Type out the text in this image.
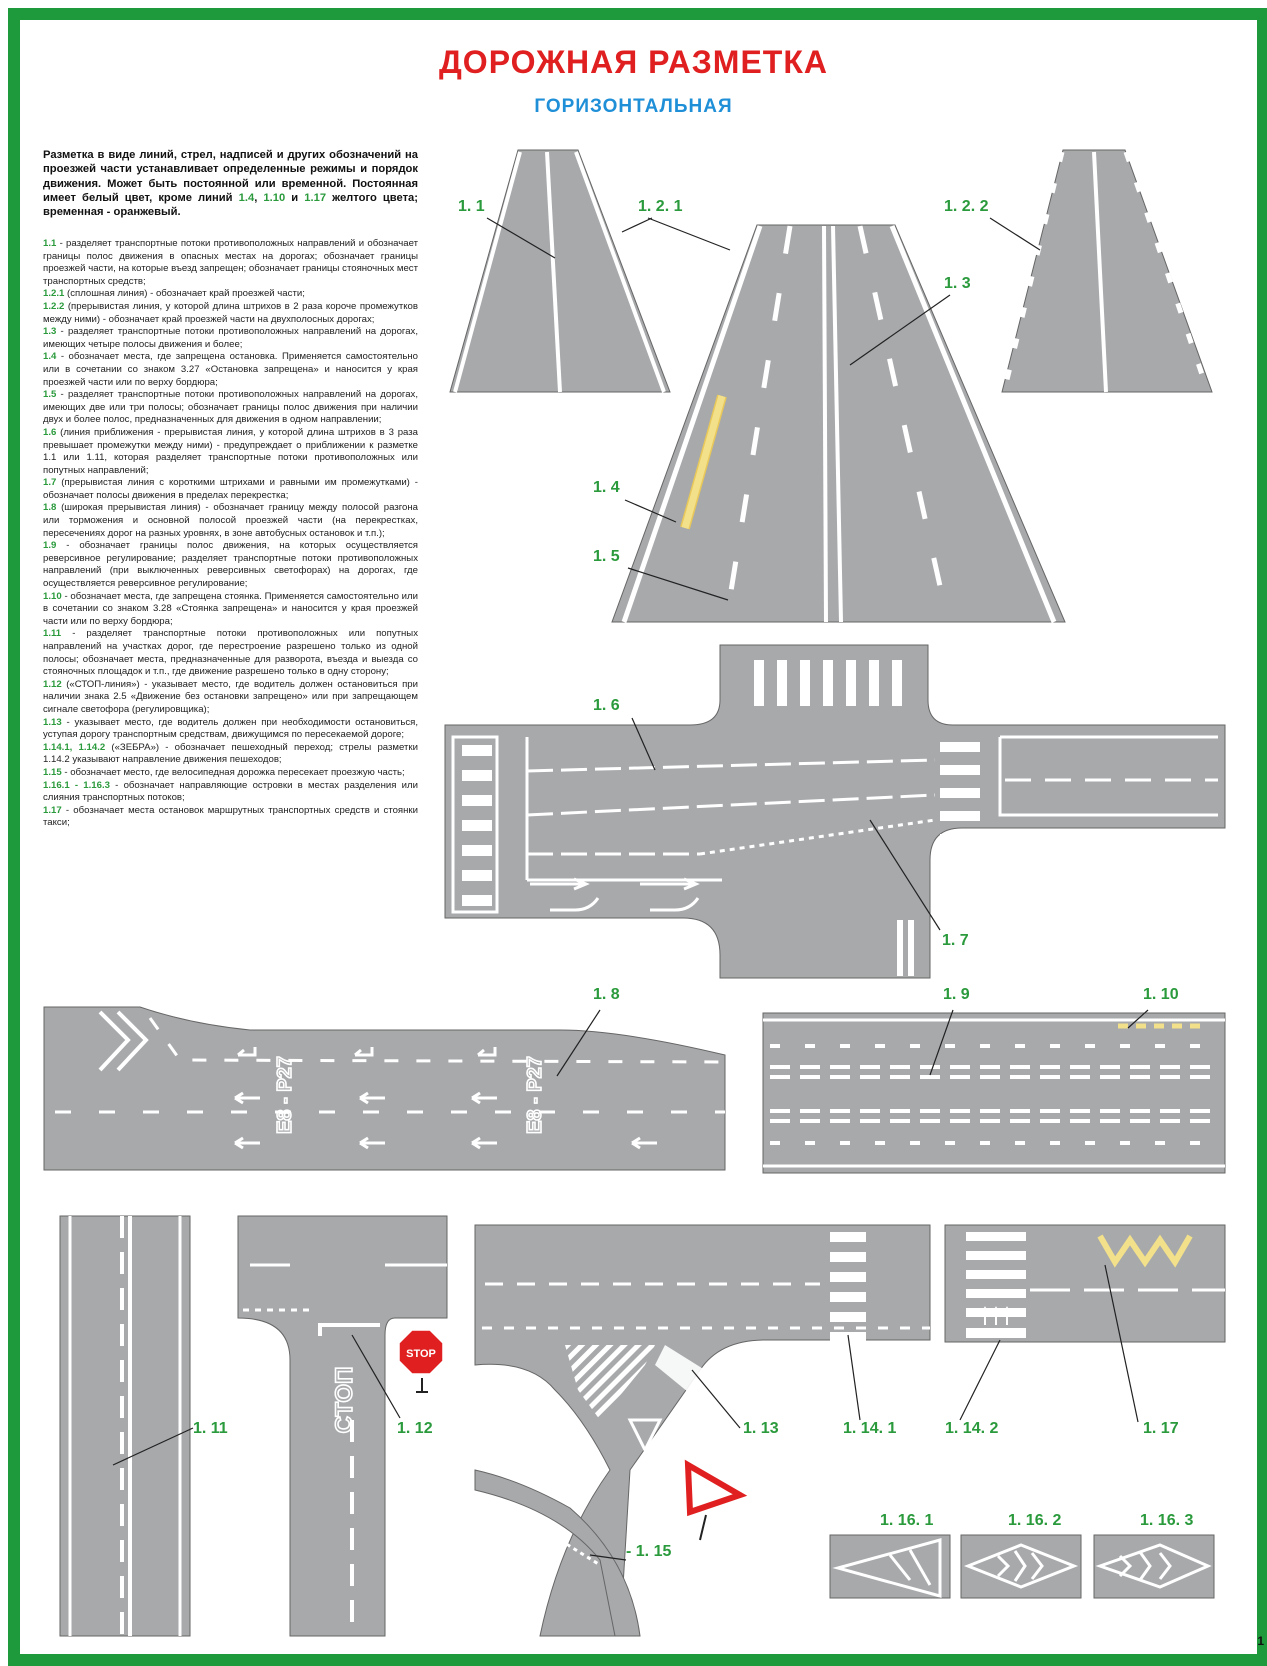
ДОРОЖНАЯ РАЗМЕТКА
ГОРИЗОНТАЛЬНАЯ
Разметка в виде линий, стрел, надписей и других обозначений на проезжей части устанавливает определенные режимы и порядок движения. Может быть постоянной или временной. Постоянная имеет белый цвет, кроме линий 1.4, 1.10 и 1.17 желтого цвета; временная - оранжевый.

1.1 - разделяет транспортные потоки противоположных направлений и обозначает границы полос движения в опасных местах на дорогах; обозначает границы проезжей части, на которые въезд запрещен; обозначает границы стояночных мест транспортных средств;

1.2.1 (сплошная линия) - обозначает край проезжей части;

1.2.2 (прерывистая линия, у которой длина штрихов в 2 раза короче промежутков между ними) - обозначает край проезжей части на двухполосных дорогах;

1.3 - разделяет транспортные потоки противоположных направлений на дорогах, имеющих четыре полосы движения и более;

1.4 - обозначает места, где запрещена остановка. Применяется самостоятельно или в сочетании со знаком 3.27 «Остановка запрещена» и наносится у края проезжей части или по верху бордюра;

1.5 - разделяет транспортные потоки противоположных направлений на дорогах, имеющих две или три полосы; обозначает границы полос движения при наличии двух и более полос, предназначенных для движения в одном направлении;

1.6 (линия приближения - прерывистая линия, у которой длина штрихов в 3 раза превышает промежутки между ними) - предупреждает о приближении к разметке 1.1 или 1.11, которая разделяет транспортные потоки противоположных или попутных направлений;

1.7 (прерывистая линия с короткими штрихами и равными им промежутками) - обозначает полосы движения в пределах перекрестка;

1.8 (широкая прерывистая линия) - обозначает границу между полосой разгона или торможения и основной полосой проезжей части (на перекрестках, пересечениях дорог на разных уровнях, в зоне автобусных остановок и т.п.);

1.9 - обозначает границы полос движения, на которых осуществляется реверсивное регулирование; разделяет транспортные потоки противоположных направлений (при выключенных реверсивных светофорах) на дорогах, где осуществляется реверсивное регулирование;

1.10 - обозначает места, где запрещена стоянка. Применяется самостоятельно или в сочетании со знаком 3.28 «Стоянка запрещена» и наносится у края проезжей части или по верху бордюра;

1.11 - разделяет транспортные потоки противоположных или попутных направлений на участках дорог, где перестроение разрешено только из одной полосы; обозначает места, предназначенные для разворота, въезда и выезда со стояночных площадок и т.п., где движение разрешено только в одну сторону;

1.12 («СТОП-линия») - указывает место, где водитель должен остановиться при наличии знака 2.5 «Движение без остановки запрещено» или при запрещающем сигнале светофора (регулировщика);

1.13 - указывает место, где водитель должен при необходимости остановиться, уступая дорогу транспортным средствам, движущимся по пересекаемой дороге;

1.14.1, 1.14.2 («ЗЕБРА») - обозначает пешеходный переход; стрелы разметки 1.14.2 указывают направление движения пешеходов;

1.15 - обозначает место, где велосипедная дорожка пересекает проезжую часть;

1.16.1 - 1.16.3 - обозначает направляющие островки в местах разделения или слияния транспортных потоков;

1.17 - обозначает места остановок маршрутных транспортных средств и стоянки такси;

Е8 - Р27	Е8 - Р27
СТОП
STOP
1. 1	1. 2. 1	1. 2. 2
1. 3
1. 4
1. 5
1. 6
1. 7
1. 8	1. 9	1. 10
1. 11	1. 12	1. 13	1. 14. 1	1. 14. 2	1. 17
- 1. 15
1. 16. 1	1. 16. 2	1. 16. 3
1
